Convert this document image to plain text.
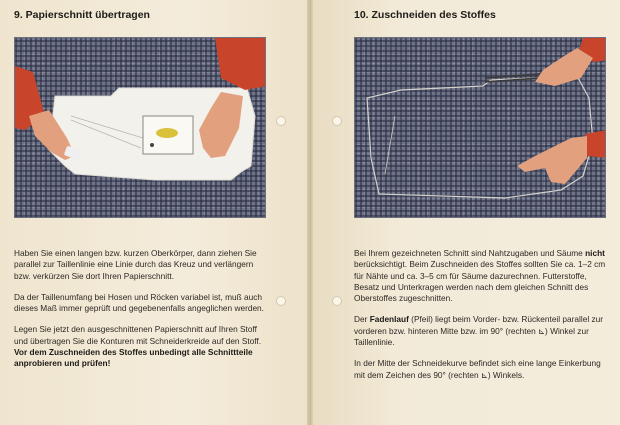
9. Papierschnitt übertragen

Haben Sie einen langen bzw. kurzen Oberkörper, dann ziehen Sie parallel zur Taillenlinie eine Linie durch das Kreuz und verlängern bzw. verkürzen Sie dort Ihren Papierschnitt.

Da der Taillenumfang bei Hosen und Röcken variabel ist, muß auch dieses Maß immer geprüft und gegebenenfalls angeglichen werden.

Legen Sie jetzt den ausgeschnittenen Papierschnitt auf Ihren Stoff und übertragen Sie die Konturen mit Schneiderkreide auf den Stoff.

Vor dem Zuschneiden des Stoffes unbedingt alle Schnittteile anprobieren und prüfen!

10. Zuschneiden des Stoffes

Bei Ihrem gezeichneten Schnitt sind Nahtzugaben und Säume nicht berücksichtigt. Beim Zuschneiden des Stoffes sollten Sie ca. 1–2 cm für Nähte und ca. 3–5 cm für Säume dazurechnen. Futterstoffe, Besatz und Unterkragen werden nach dem gleichen Schnitt des Oberstoffes zugeschnitten.

Der Fadenlauf (Pfeil) liegt beim Vorder- bzw. Rückenteil parallel zur vorderen bzw. hinteren Mitte bzw. im 90° (rechten ⊾) Winkel zur Taillenlinie.

In der Mitte der Schneidekurve befindet sich eine lange Einkerbung mit dem Zeichen des 90° (rechten ⊾) Winkels.
